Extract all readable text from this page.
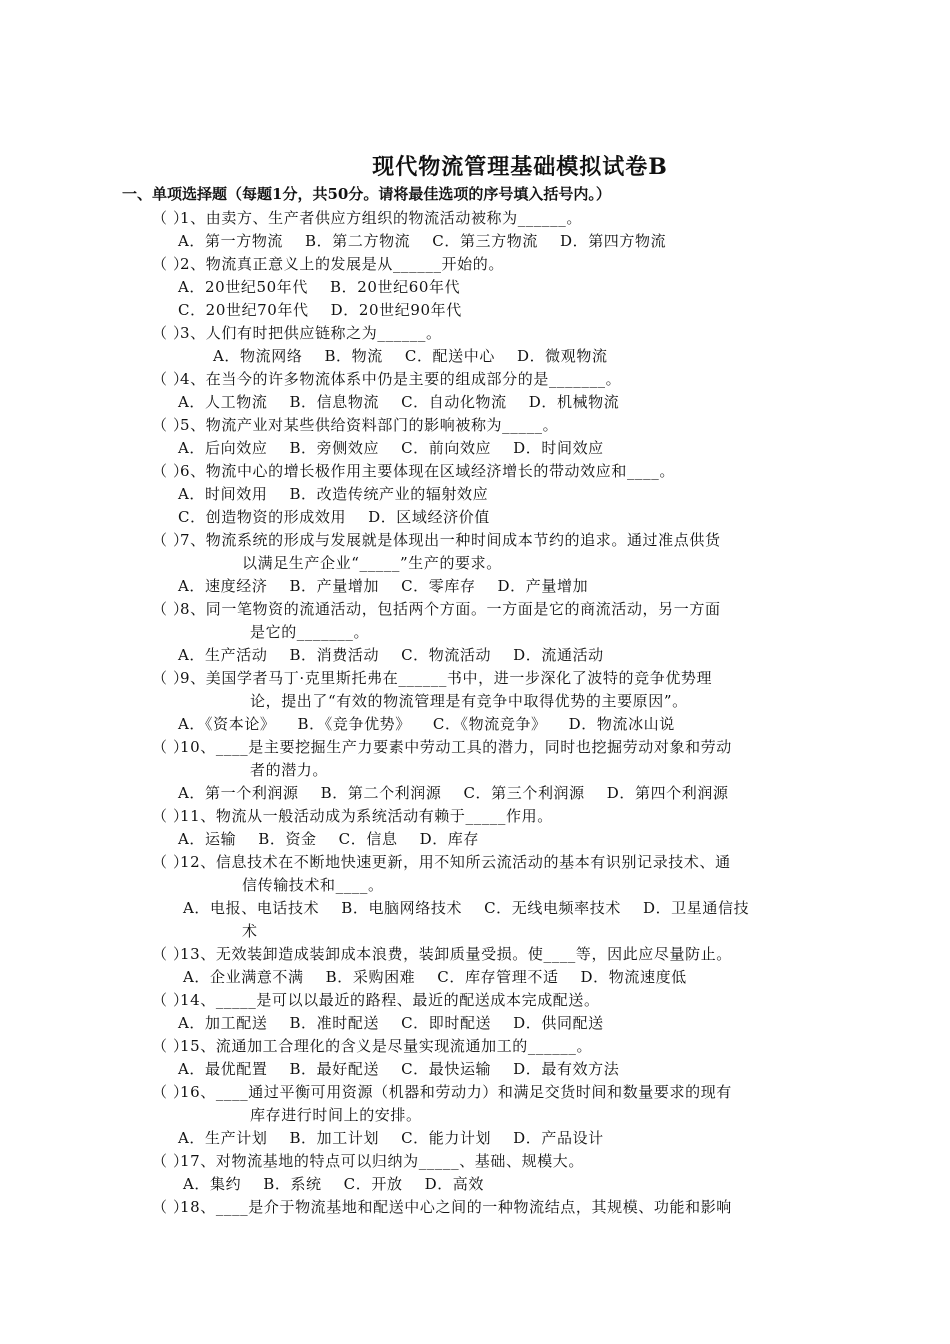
现代物流管理基础模拟试卷B
一、单项选择题（每题1分，共50分。请将最佳选项的序号填入括号内。）
（ ）1、由卖方、生产者供应方组织的物流活动被称为______。
A．第一方物流 B．第二方物流 C．第三方物流 D．第四方物流
（ ）2、物流真正意义上的发展是从______开始的。
A．20世纪50年代 B．20世纪60年代
C．20世纪70年代 D．20世纪90年代
（ ）3、人们有时把供应链称之为______。
A．物流网络 B．物流 C．配送中心 D．微观物流
（ ）4、在当今的许多物流体系中仍是主要的组成部分的是_______。
A．人工物流 B．信息物流 C．自动化物流 D．机械物流
（ ）5、物流产业对某些供给资料部门的影响被称为_____。
A．后向效应 B．旁侧效应 C．前向效应 D．时间效应
（ ）6、物流中心的增长极作用主要体现在区域经济增长的带动效应和____。
A．时间效用 B．改造传统产业的辐射效应
C．创造物资的形成效用 D．区域经济价值
（ ）7、物流系统的形成与发展就是体现出一种时间成本节约的追求。通过准点供货
以满足生产企业“_____”生产的要求。
A．速度经济 B．产量增加 C．零库存 D．产量增加
（ ）8、同一笔物资的流通活动，包括两个方面。一方面是它的商流活动，另一方面
是它的_______。
A．生产活动 B．消费活动 C．物流活动 D．流通活动
（ ）9、美国学者马丁·克里斯托弗在______书中，进一步深化了波特的竞争优势理
论，提出了“有效的物流管理是有竞争中取得优势的主要原因”。
A．《资本论》 B．《竞争优势》 C．《物流竞争》 D．物流冰山说
（ ）10、____是主要挖掘生产力要素中劳动工具的潜力，同时也挖掘劳动对象和劳动
者的潜力。
A．第一个利润源 B．第二个利润源 C．第三个利润源 D．第四个利润源
（ ）11、物流从一般活动成为系统活动有赖于_____作用。
A．运输 B．资金 C．信息 D．库存
（ ）12、信息技术在不断地快速更新，用不知所云流活动的基本有识别记录技术、通
信传输技术和____。
A．电报、电话技术 B．电脑网络技术 C．无线电频率技术 D．卫星通信技
术
（ ）13、无效装卸造成装卸成本浪费，装卸质量受损。使____等，因此应尽量防止。
A．企业满意不满 B．采购困难 C．库存管理不适 D．物流速度低
（ ）14、_____是可以以最近的路程、最近的配送成本完成配送。
A．加工配送 B．准时配送 C．即时配送 D．供同配送
（ ）15、流通加工合理化的含义是尽量实现流通加工的______。
A．最优配置 B．最好配送 C．最快运输 D．最有效方法
（ ）16、____通过平衡可用资源（机器和劳动力）和满足交货时间和数量要求的现有
库存进行时间上的安排。
A．生产计划 B．加工计划 C．能力计划 D．产品设计
（ ）17、对物流基地的特点可以归纳为_____、基础、规模大。
A．集约 B．系统 C．开放 D．高效
（ ）18、____是介于物流基地和配送中心之间的一种物流结点，其规模、功能和影响
